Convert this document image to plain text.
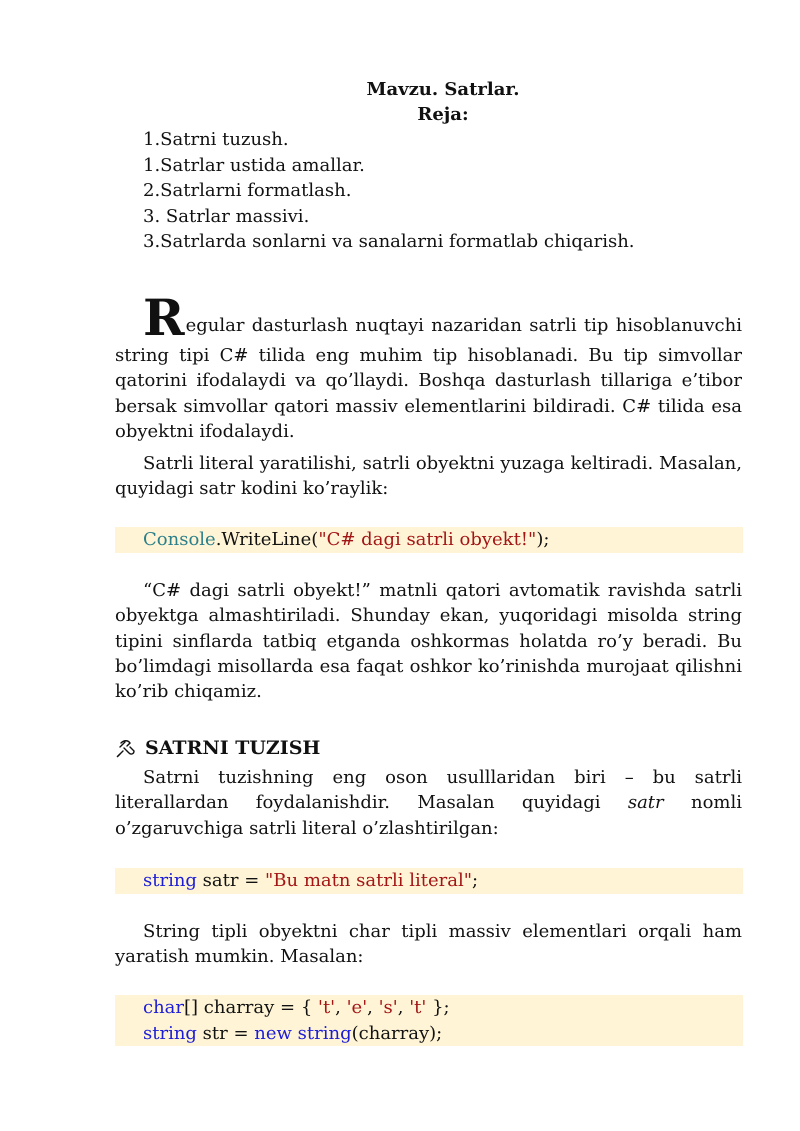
Mavzu. Satrlar.
Reja:
1.Satrni tuzush.
1.Satrlar ustida amallar.
2.Satrlarni formatlash.
3. Satrlar massivi.
3.Satrlarda sonlarni va sanalarni formatlab chiqarish.
Regular dasturlash nuqtayi nazaridan satrli tip hisoblanuvchi
string tipi C# tilida eng muhim tip hisoblanadi. Bu tip simvollar qatorini ifodalaydi va qo’llaydi. Boshqa dasturlash tillariga e’tibor bersak simvollar qatori massiv elementlarini bildiradi. C# tilida esa obyektni ifodalaydi.
Satrli literal yaratilishi, satrli obyektni yuzaga keltiradi. Masalan, quyidagi satr kodini ko’raylik:
Console.WriteLine("C# dagi satrli obyekt!");
“C# dagi satrli obyekt!” matnli qatori avtomatik ravishda satrli obyektga almashtiriladi. Shunday ekan, yuqoridagi misolda string tipini sinflarda tatbiq etganda oshkormas holatda ro’y beradi. Bu bo’limdagi misollarda esa faqat oshkor ko’rinishda murojaat qilishni ko’rib chiqamiz.
SATRNI TUZISH
Satrni tuzishning eng oson usulllaridan biri – bu satrli literallardan foydalanishdir. Masalan quyidagi satr nomli o’zgaruvchiga satrli literal o’zlashtirilgan:
string satr = "Bu matn satrli literal";
String tipli obyektni char tipli massiv elementlari orqali ham yaratish mumkin. Masalan:
char[] charray = { 't', 'e', 's', 't' };
string str = new string(charray);
